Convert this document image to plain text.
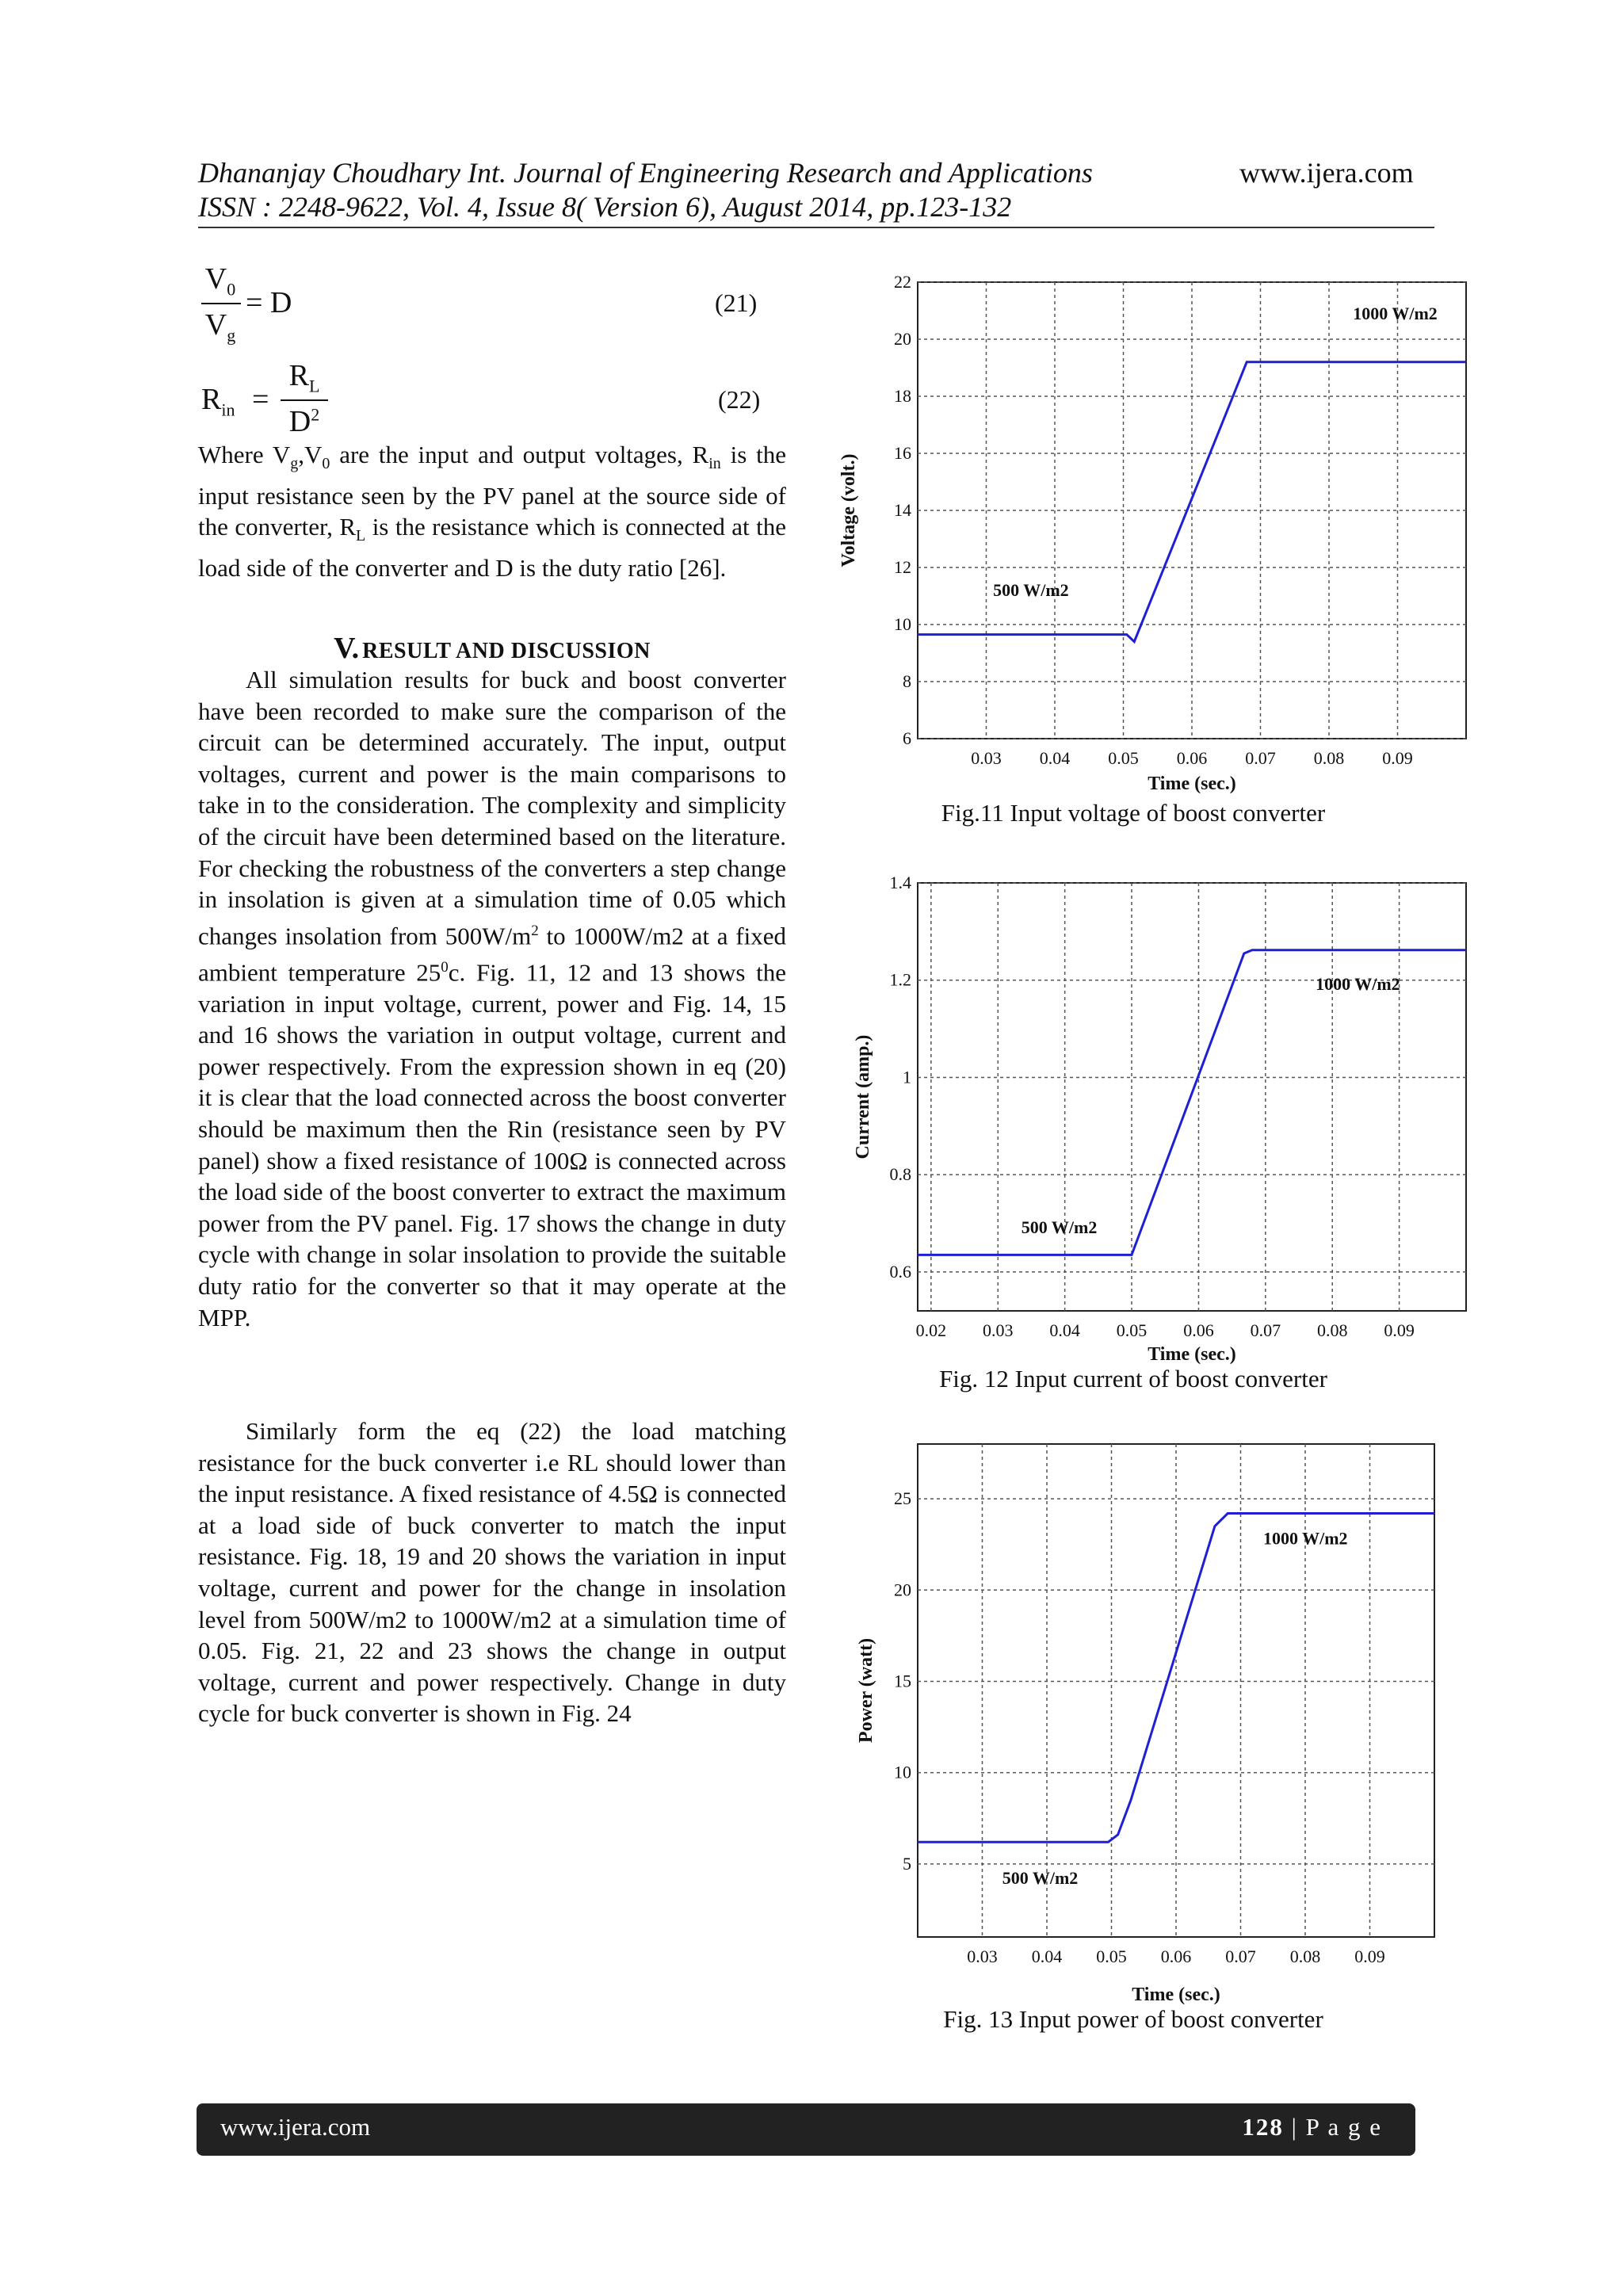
Dhananjay Choudhary Int. Journal of Engineering Research and Applications	www.ijera.com
ISSN : 2248-9622, Vol. 4, Issue 8( Version 6), August 2014, pp.123-132
$V_0$
$V_g$
= D	(21)
$R_{in}$ =
$R_L$
$D^2$
(22)

Where $V_g,V_0$ are the input and output voltages, $R_{in}$ is the input resistance seen by the PV panel at the source side of the converter, $R_L$ is the resistance which is connected at the load side of the converter and D is the duty ratio [26].

V. RESULT AND DISCUSSION

All simulation results for buck and boost converter have been recorded to make sure the comparison of the circuit can be determined accurately. The input, output voltages, current and power is the main comparisons to take in to the consideration. The complexity and simplicity of the circuit have been determined based on the literature. For checking the robustness of the converters a step change in insolation is given at a simulation time of 0.05 which changes insolation from $500W/m^2$ to 1000W/m2 at a fixed ambient temperature $25^0c$. Fig. 11, 12 and 13 shows the variation in input voltage, current, power and Fig. 14, 15 and 16 shows the variation in output voltage, current and power respectively. From the expression shown in eq (20) it is clear that the load connected across the boost converter should be maximum then the Rin (resistance seen by PV panel) show a fixed resistance of 100Ω is connected across the load side of the boost converter to extract the maximum power from the PV panel. Fig. 17 shows the change in duty cycle with change in solar insolation to provide the suitable duty ratio for the converter so that it may operate at the MPP.

Similarly form the eq (22) the load matching resistance for the buck converter i.e RL should lower than the input resistance. A fixed resistance of 4.5Ω is connected at a load side of buck converter to match the input resistance. Fig. 18, 19 and 20 shows the variation in input voltage, current and power for the change in insolation level from 500W/m2 to 1000W/m2 at a simulation time of 0.05. Fig. 21, 22 and 23 shows the change in output voltage, current and power respectively. Change in duty cycle for buck converter is shown in Fig. 24

0.03 0.04 0.05 0.06 0.07 0.08 0.09
6
8
10
12
14
16
18
20
22
1000 W/m2
500 W/m2
Time (sec.)
Voltage (volt.)
Fig.11 Input voltage of boost converter
0.02 0.03 0.04 0.05 0.06 0.07 0.08 0.09
0.6
0.8
1
1.2
1.4
1000 W/m2
500 W/m2
Time (sec.)
Current (amp.)
Fig. 12 Input current of boost converter
0.03 0.04 0.05 0.06 0.07 0.08 0.09
5
10
15
20
25
1000 W/m2
500 W/m2
Time (sec.)
Power (watt)
Fig. 13 Input power of boost converter
www.ijera.com	128 | P a g e
